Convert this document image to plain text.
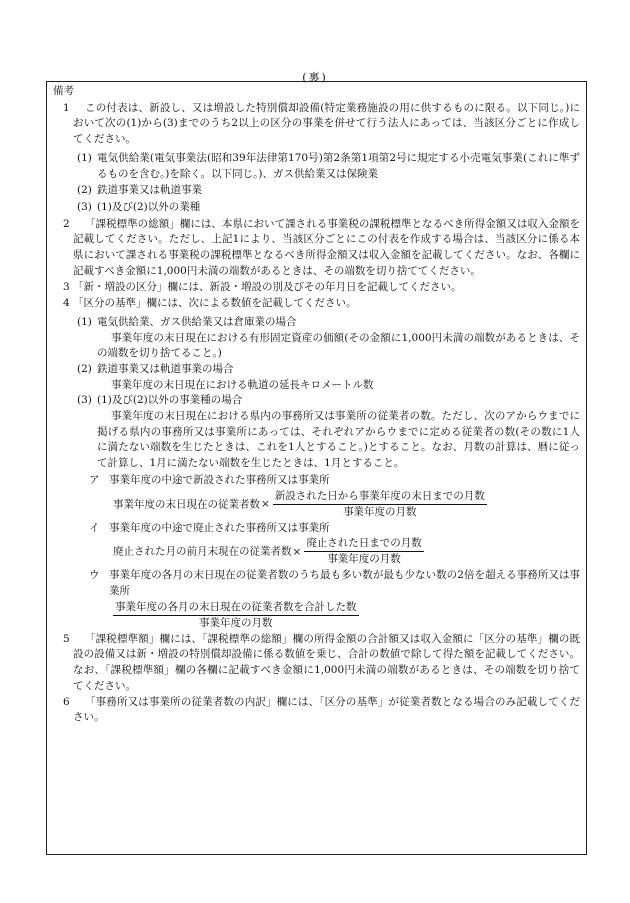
(裏)

備考

1 この付表は、新設し、又は増設した特別償却設備(特定業務施設の用に供するものに限る。以下同じ。)において次の(1)から(3)までのうち2以上の区分の事業を併せて行う法人にあっては、当該区分ごとに作成してください。

(1) 電気供給業(電気事業法(昭和39年法律第170号)第2条第1項第2号に規定する小売電気事業(これに準ずるものを含む。)を除く。以下同じ。)、ガス供給業又は保険業

(2) 鉄道事業又は軌道事業

(3) (1)及び(2)以外の業種

2 「課税標準の総額」欄には、本県において課される事業税の課税標準となるべき所得金額又は収入金額を記載してください。ただし、上記1により、当該区分ごとにこの付表を作成する場合は、当該区分に係る本県において課される事業税の課税標準となるべき所得金額又は収入金額を記載してください。なお、各欄に記載すべき金額に1,000円未満の端数があるときは、その端数を切り捨ててください。

3 「新・増設の区分」欄には、新設・増設の別及びその年月日を記載してください。

4 「区分の基準」欄には、次による数値を記載してください。

(1) 電気供給業、ガス供給業又は倉庫業の場合

事業年度の末日現在における有形固定資産の価額(その金額に1,000円未満の端数があるときは、その端数を切り捨てること。)

(2) 鉄道事業又は軌道事業の場合

事業年度の末日現在における軌道の延長キロメートル数

(3) (1)及び(2)以外の事業種の場合

事業年度の末日現在における県内の事務所又は事業所の従業者の数。ただし、次のアからウまでに掲げる県内の事務所又は事業所にあっては、それぞれアからウまでに定める従業者の数(その数に1人に満たない端数を生じたときは、これを1人とすること。)とすること。なお、月数の計算は、暦に従って計算し、1月に満たない端数を生じたときは、1月とすること。

ア 事業年度の中途で新設された事務所又は事業所

事業年度の末日現在の従業者数× $\frac{\text{新設された日から事業年度の末日までの月数}}{\text{事業年度の月数}}$

イ 事業年度の中途で廃止された事務所又は事業所

廃止された月の前月末現在の従業者数× $\frac{\text{廃止された日までの月数}}{\text{事業年度の月数}}$

ウ 事業年度の各月の末日現在の従業者数のうち最も多い数が最も少ない数の2倍を超える事務所又は事業所

$\frac{\text{事業年度の各月の末日現在の従業者数を合計した数}}{\text{事業年度の月数}}$

5 「課税標準額」欄には、「課税標準の総額」欄の所得金額の合計額又は収入金額に「区分の基準」欄の既設の設備又は新・増設の特別償却設備に係る数値を乗じ、合計の数値で除して得た額を記載してください。なお、「課税標準額」欄の各欄に記載すべき金額に1,000円未満の端数があるときは、その端数を切り捨ててください。

6 「事務所又は事業所の従業者数の内訳」欄には、「区分の基準」が従業者数となる場合のみ記載してください。
